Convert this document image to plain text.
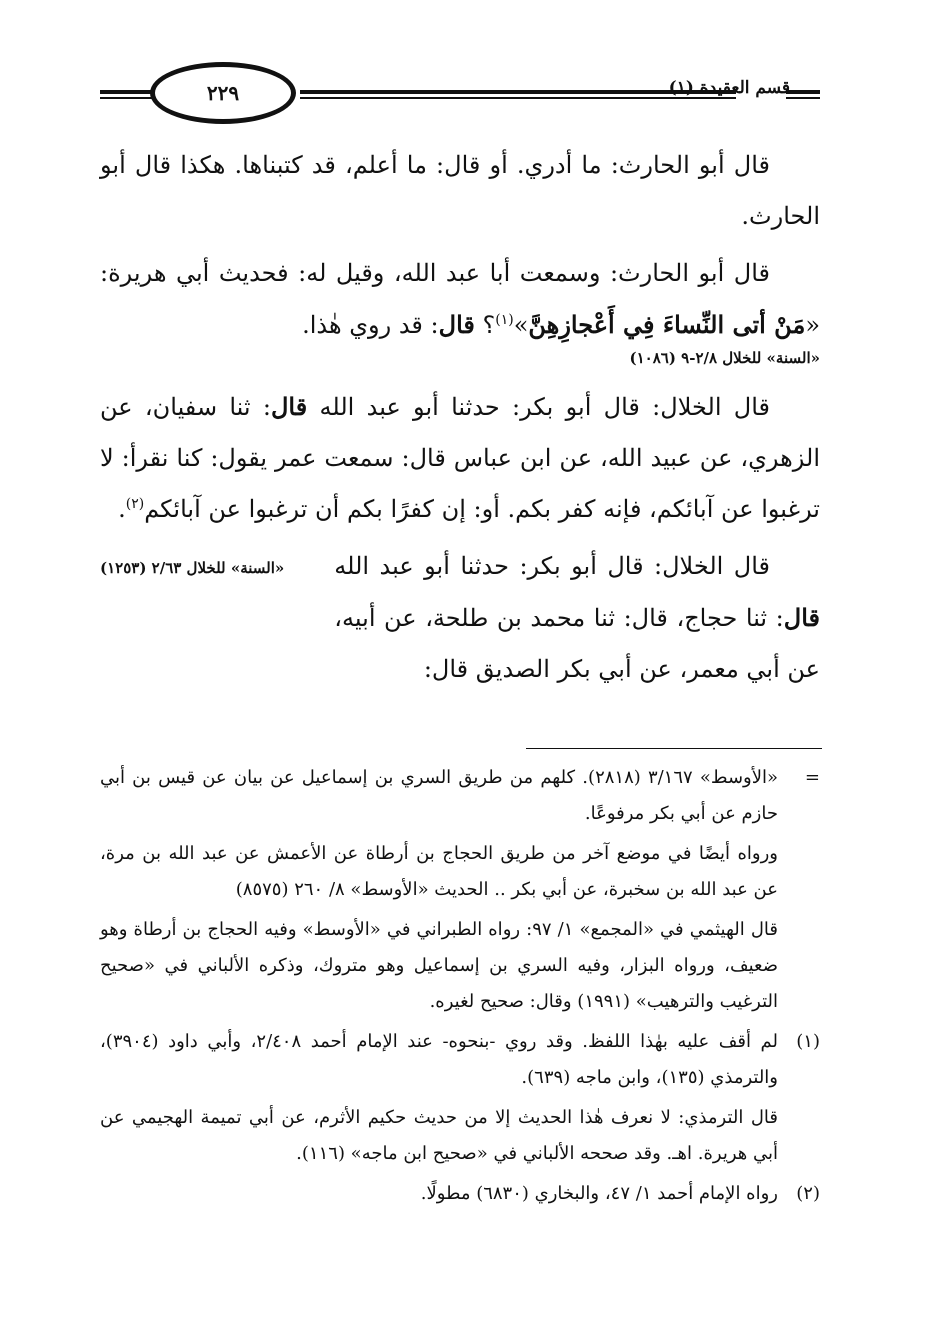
٢٢٩	قسم العقيدة (١)

قال أبو الحارث: ما أدري. أو قال: ما أعلم، قد كتبناها. هكذا قال أبو الحارث.

قال أبو الحارث: وسمعت أبا عبد الله، وقيل له: فحديث أبي هريرة: «مَنْ أتى النِّساءَ فِي أَعْجازِهِنَّ»$^{(١)}$؟ قال: قد روي هٰذا.

«السنة» للخلال ٢/٨-٩ (١٠٨٦)

قال الخلال: قال أبو بكر: حدثنا أبو عبد الله قال: ثنا سفيان، عن الزهري، عن عبيد الله، عن ابن عباس قال: سمعت عمر يقول: كنا نقرأ: لا ترغبوا عن آبائكم، فإنه كفر بكم. أو: إن كفرًا بكم أن ترغبوا عن آبائكم$^{(٢)}$.
«السنة» للخلال ٢/٦٣ (١٢٥٣)	قال الخلال: قال أبو بكر: حدثنا أبو عبد الله قال: ثنا حجاج، قال: ثنا محمد بن طلحة، عن أبيه، عن أبي معمر، عن أبي بكر الصديق قال:

=
«الأوسط» ٣/١٦٧ (٢٨١٨). كلهم من طريق السري بن إسماعيل عن بيان عن قيس بن أبي حازم عن أبي بكر مرفوعًا.
ورواه أيضًا في موضع آخر من طريق الحجاج بن أرطاة عن الأعمش عن عبد الله بن مرة، عن عبد الله بن سخبرة، عن أبي بكر .. الحديث «الأوسط» ٨/ ٢٦٠ (٨٥٧٥)
قال الهيثمي في «المجمع» ١/ ٩٧: رواه الطبراني في «الأوسط» وفيه الحجاج بن أرطاة وهو ضعيف، ورواه البزار، وفيه السري بن إسماعيل وهو متروك، وذكره الألباني في «صحيح الترغيب والترهيب» (١٩٩١) وقال: صحيح لغيره.
(١)
لم أقف عليه بهٰذا اللفظ. وقد روي -بنحوه- عند الإمام أحمد ٢/٤٠٨، وأبي داود (٣٩٠٤)، والترمذي (١٣٥)، وابن ماجه (٦٣٩).
قال الترمذي: لا نعرف هٰذا الحديث إلا من حديث حكيم الأثرم، عن أبي تميمة الهجيمي عن أبي هريرة. اهـ. وقد صححه الألباني في «صحيح ابن ماجه» (١١٦).
(٢)
رواه الإمام أحمد ١/ ٤٧، والبخاري (٦٨٣٠) مطولًا.
